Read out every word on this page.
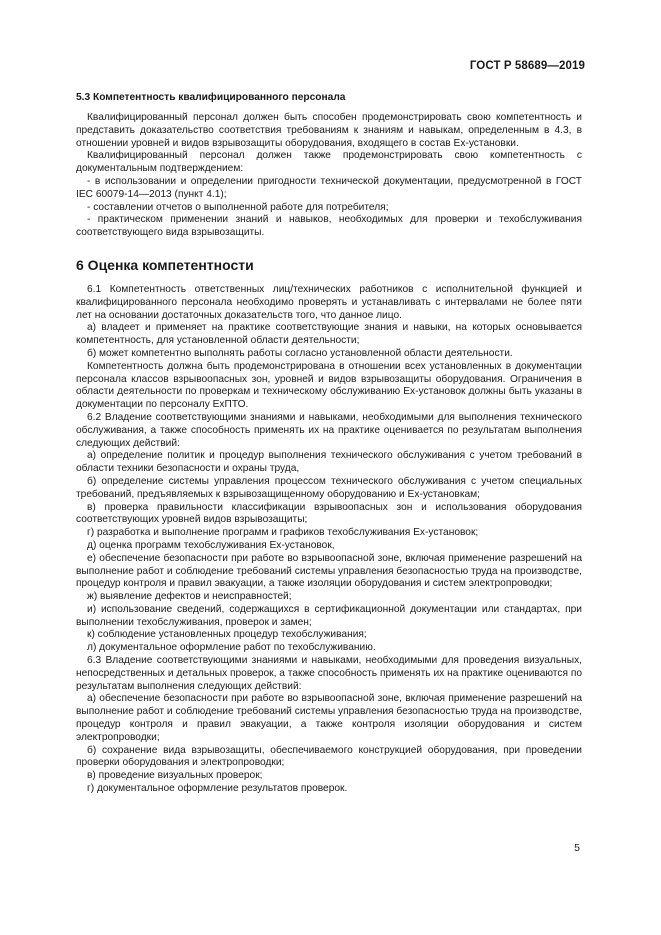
ГОСТ Р 58689—2019
5.3 Компетентность квалифицированного персонала

Квалифицированный персонал должен быть способен продемонстрировать свою компетентность и представить доказательство соответствия требованиям к знаниям и навыкам, определенным в 4.3, в отношении уровней и видов взрывозащиты оборудования, входящего в состав Ex-установки.

Квалифицированный персонал должен также продемонстрировать свою компетентность с документальным подтверждением:

- в использовании и определении пригодности технической документации, предусмотренной в ГОСТ IEC 60079-14—2013 (пункт 4.1);

- составлении отчетов о выполненной работе для потребителя;

- практическом применении знаний и навыков, необходимых для проверки и техобслуживания соответствующего вида взрывозащиты.

6 Оценка компетентности

6.1 Компетентность ответственных лиц/технических работников с исполнительной функцией и квалифицированного персонала необходимо проверять и устанавливать с интервалами не более пяти лет на основании достаточных доказательств того, что данное лицо.

а) владеет и применяет на практике соответствующие знания и навыки, на которых основывается компетентность, для установленной области деятельности;

б) может компетентно выполнять работы согласно установленной области деятельности.

Компетентность должна быть продемонстрирована в отношении всех установленных в документации персонала классов взрывоопасных зон, уровней и видов взрывозащиты оборудования. Ограничения в области деятельности по проверкам и техническому обслуживанию Ex-установок должны быть указаны в документации по персоналу ExПТО.

6.2 Владение соответствующими знаниями и навыками, необходимыми для выполнения технического обслуживания, а также способность применять их на практике оценивается по результатам выполнения следующих действий:

а) определение политик и процедур выполнения технического обслуживания с учетом требований в области техники безопасности и охраны труда,

б) определение системы управления процессом технического обслуживания с учетом специальных требований, предъявляемых к взрывозащищенному оборудованию и Ex-установкам;

в) проверка правильности классификации взрывоопасных зон и использования оборудования соответствующих уровней видов взрывозащиты;

г) разработка и выполнение программ и графиков техобслуживания Ex-установок;

д) оценка программ техобслуживания Ex-установок,

е) обеспечение безопасности при работе во взрывоопасной зоне, включая применение разрешений на выполнение работ и соблюдение требований системы управления безопасностью труда на производстве, процедур контроля и правил эвакуации, а также изоляции оборудования и систем электропроводки;

ж) выявление дефектов и неисправностей;

и) использование сведений, содержащихся в сертификационной документации или стандартах, при выполнении техобслуживания, проверок и замен;

к) соблюдение установленных процедур техобслуживания;

л) документальное оформление работ по техобслуживанию.

6.3 Владение соответствующими знаниями и навыками, необходимыми для проведения визуальных, непосредственных и детальных проверок, а также способность применять их на практике оцениваются по результатам выполнения следующих действий:

а) обеспечение безопасности при работе во взрывоопасной зоне, включая применение разрешений на выполнение работ и соблюдение требований системы управления безопасностью труда на производстве, процедур контроля и правил эвакуации, а также контроля изоляции оборудования и систем электропроводки;

б) сохранение вида взрывозащиты, обеспечиваемого конструкцией оборудования, при проведении проверки оборудования и электропроводки;

в) проведение визуальных проверок;

г) документальное оформление результатов проверок.

5
